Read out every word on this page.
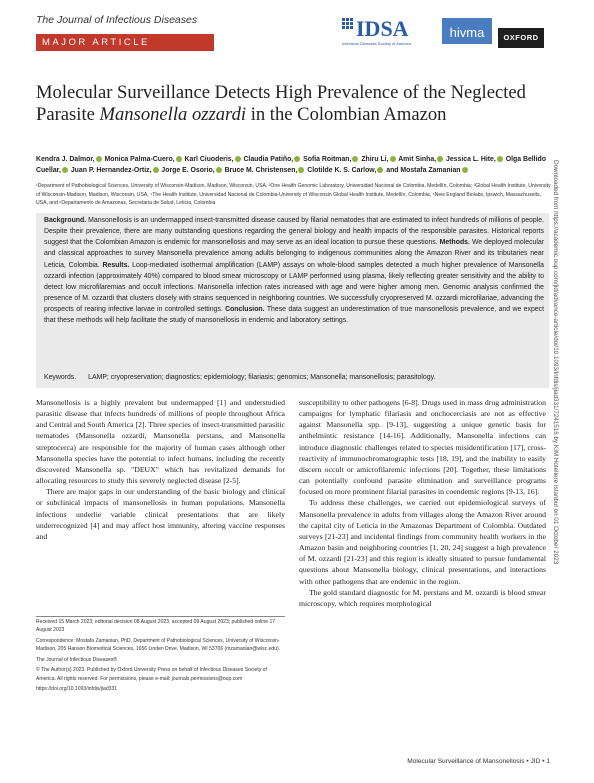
The Journal of Infectious Diseases
MAJOR ARTICLE
IDSA
Infectious Diseases Society of America
hivma	OXFORD
Molecular Surveillance Detects High Prevalence of the Neglected Parasite Mansonella ozzardi in the Colombian Amazon
Kendra J. Dalmor, Monica Palma-Cuero, Karl Ciuoderis, Claudia Patiño, Sofia Roitman, Zhiru Li, Amit Sinha, Jessica L. Hite, Olga Bellido Cuellar, Juan P. Hernandez-Ortiz, Jorge E. Osorio, Bruce M. Christensen, Clotilde K. S. Carlow, and Mostafa Zamanian
¹Department of Pathobiological Sciences, University of Wisconsin-Madison, Madison, Wisconsin, USA, ²One Health Genomic Laboratory, Universidad Nacional de Colombia, Medellín, Colombia; ³Global Health Institute, University of Wisconsin-Madison, Madison, Wisconsin, USA, ⁴The Health Institute, Universidad Nacional de Colombia-University of Wisconsin Global Health Institute, Medellín, Colombia, ⁵New England Biolabs, Ipswich, Massachusetts, USA, and ⁶Departamento de Amazonas, Secretaria de Salud, Leticia, Colombia
Background. Mansonellosis is an undermapped insect-transmitted disease caused by filarial nematodes that are estimated to infect hundreds of millions of people. Despite their prevalence, there are many outstanding questions regarding the general biology and health impacts of the responsible parasites. Historical reports suggest that the Colombian Amazon is endemic for mansonellosis and may serve as an ideal location to pursue these questions. Methods. We deployed molecular and classical approaches to survey Mansonella prevalence among adults belonging to indigenous communities along the Amazon River and its tributaries near Leticia, Colombia. Results. Loop-mediated isothermal amplification (LAMP) assays on whole-blood samples detected a much higher prevalence of Mansonella ozzardi infection (approximately 40%) compared to blood smear microscopy or LAMP performed using plasma, likely reflecting greater sensitivity and the ability to detect low microfilaremias and occult infections. Mansonella infection rates increased with age and were higher among men. Genomic analysis confirmed the presence of M. ozzardi that clusters closely with strains sequenced in neighboring countries. We successfully cryopreserved M. ozzardi microfilariae, advancing the prospects of rearing infective larvae in controlled settings. Conclusion. These data suggest an underestimation of true mansonellosis prevalence, and we expect that these methods will help facilitate the study of mansonellosis in endemic and laboratory settings.
Keywords. LAMP; cryopreservation; diagnostics; epidemiology; filariasis; genomics; Mansonella; mansonellosis; parasitology.

Mansonellosis is a highly prevalent but undermapped [1] and understudied parasitic disease that infects hundreds of millions of people throughout Africa and Central and South America [2]. Three species of insect-transmitted parasitic nematodes (Mansonella ozzardi, Mansonella perstans, and Mansonella streptocerca) are responsible for the majority of human cases although other Mansonella species have the potential to infect humans, including the recently discovered Mansonella sp. "DEUX" which has revitalized demands for allocating resources to study this severely neglected disease [2-5].

There are major gaps in our understanding of the basic biology and clinical or subclinical impacts of mansonellosis in human populations. Mansonella infections underlie variable clinical presentations that are likely underrecognized [4] and may affect host immunity, altering vaccine responses and

susceptibility to other pathogens [6-8]. Drugs used in mass drug administration campaigns for lymphatic filariasis and onchocerciasis are not as effective against Mansonella spp. [9-13], suggesting a unique genetic basis for anthelmintic resistance [14-16]. Additionally, Mansonella infections can introduce diagnostic challenges related to species misidentification [17], cross-reactivity of immunochromatographic tests [18, 19], and the inability to easily discern occult or amicrofilaremic infections [20]. Together, these limitations can potentially confound parasite elimination and surveillance programs focused on more prominent filarial parasites in coendemic regions [9-13, 16].

To address these challenges, we carried out epidemiological surveys of Mansonella prevalence in adults from villages along the Amazon River around the capital city of Leticia in the Amazonas Department of Colombia. Outdated surveys [21-23] and incidental findings from community health workers in the Amazon basin and neighboring countries [1, 20, 24] suggest a high prevalence of M. ozzardi [21-23] and this region is ideally situated to pursue fundamental questions about Mansonella biology, clinical presentations, and interactions with other pathogens that are endemic in the region.

The gold standard diagnostic for M. perstans and M. ozzardi is blood smear microscopy, which requires morphological

Received 15 March 2023; editorial decision 08 August 2023; accepted 09 August 2023; published online 17 August 2023

Correspondence: Mostafa Zamanian, PhD, Department of Pathobiological Sciences, University of Wisconsin-Madison, 205 Hanson Biomedical Sciences, 1656 Linden Drive, Madison, WI 53706 (mzamanian@wisc.edu).

The Journal of Infectious Diseases®

© The Author(s) 2023. Published by Oxford University Press on behalf of Infectious Diseases Society of America. All rights reserved. For permissions, please e-mail: journals.permissions@oup.com

https://doi.org/10.1093/infdis/jiad331

Molecular Surveillance of Mansonellosis • JID • 1
Downloaded from https://academic.oup.com/jid/advance-article/doi/10.1093/infdis/jiad331/7241516 by KIM Hoteliere Istanbul on 01 October 2023
